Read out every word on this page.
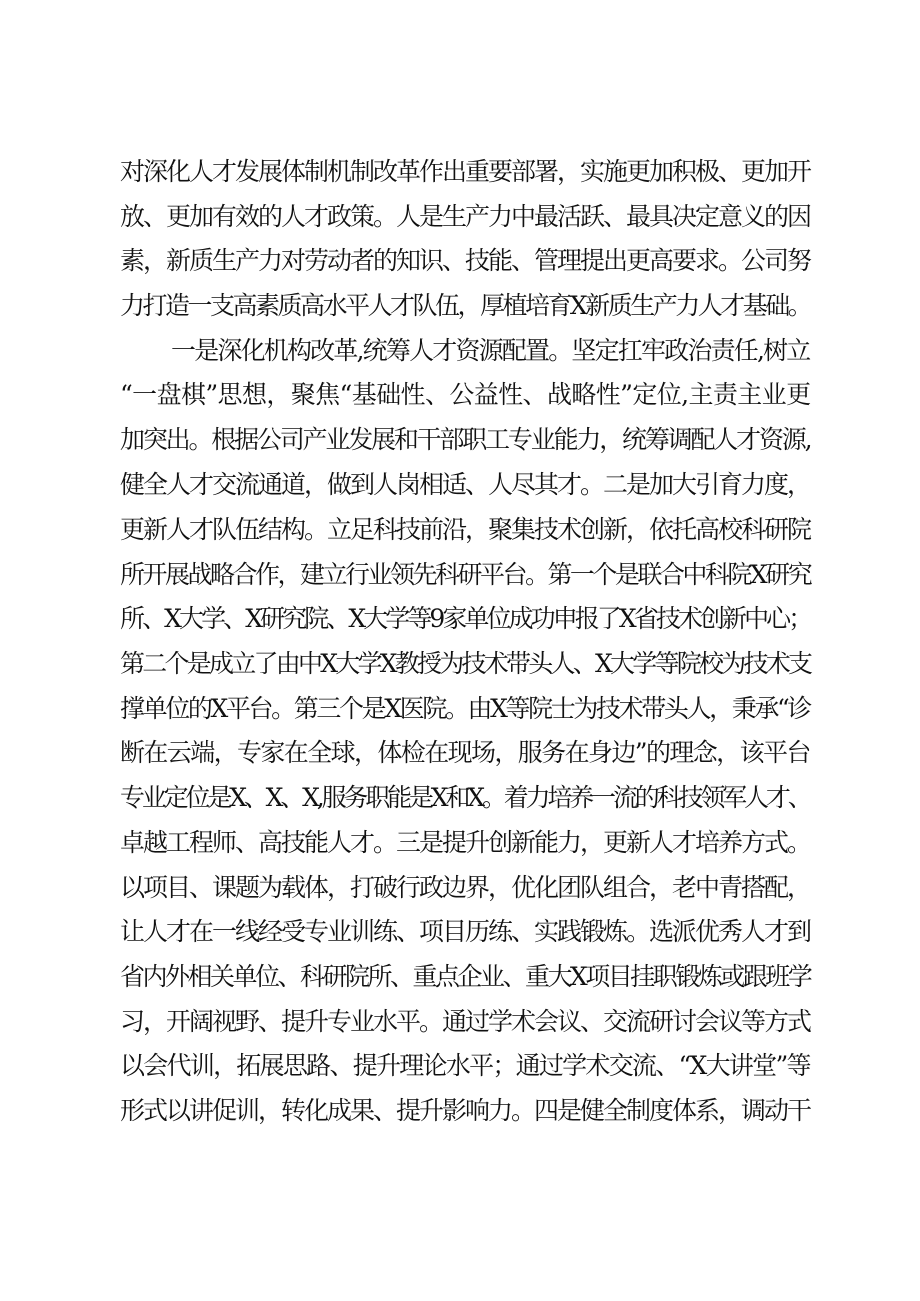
对深化人才发展体制机制改革作出重要部署，实施更加积极、更加开
放、更加有效的人才政策。人是生产力中最活跃、最具决定意义的因
素，新质生产力对劳动者的知识、技能、管理提出更高要求。公司努
力打造一支高素质高水平人才队伍，厚植培育X新质生产力人才基础。
一是深化机构改革,统筹人才资源配置。坚定扛牢政治责任,树立
“一盘棋”思想，聚焦“基础性、公益性、战略性”定位,主责主业更
加突出。根据公司产业发展和干部职工专业能力，统筹调配人才资源,
健全人才交流通道，做到人岗相适、人尽其才。二是加大引育力度，
更新人才队伍结构。立足科技前沿，聚集技术创新，依托高校科研院
所开展战略合作，建立行业领先科研平台。第一个是联合中科院X研究
所、X大学、X研究院、X大学等9家单位成功申报了X省技术创新中心；
第二个是成立了由中X大学X教授为技术带头人、X大学等院校为技术支
撑单位的X平台。第三个是X医院。由X等院士为技术带头人，秉承“诊
断在云端，专家在全球，体检在现场，服务在身边”的理念，该平台
专业定位是X、X、X,服务职能是X和X。着力培养一流的科技领军人才、
卓越工程师、高技能人才。三是提升创新能力，更新人才培养方式。
以项目、课题为载体，打破行政边界，优化团队组合，老中青搭配，
让人才在一线经受专业训练、项目历练、实践锻炼。选派优秀人才到
省内外相关单位、科研院所、重点企业、重大X项目挂职锻炼或跟班学
习，开阔视野、提升专业水平。通过学术会议、交流研讨会议等方式
以会代训，拓展思路、提升理论水平；通过学术交流、“X大讲堂”等
形式以讲促训，转化成果、提升影响力。四是健全制度体系，调动干
